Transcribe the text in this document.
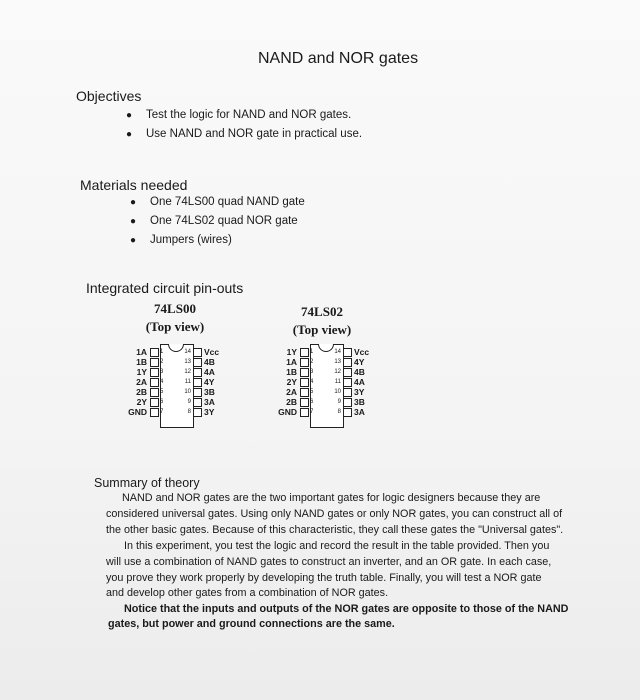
NAND and NOR gates
Objectives
● Test the logic for NAND and NOR gates.
● Use NAND and NOR gate in practical use.
Materials needed
● One 74LS00 quad NAND gate
● One 74LS02 quad NOR gate
● Jumpers (wires)
Integrated circuit pin-outs
74LS00
(Top view)
1A
1B
1Y
2A
2B
2Y
GND
1
2
3
4
5
6
7
14
13
12
11
10
9
8
Vcc
4B
4A
4Y
3B
3A
3Y
74LS02
(Top view)
1Y
1A
1B
2Y
2A
2B
GND
1
2
3
4
5
6
7
14
13
12
11
10
9
8
Vcc
4Y
4B
4A
3Y
3B
3A
Summary of theory
NAND and NOR gates are the two important gates for logic designers because they are
considered universal gates. Using only NAND gates or only NOR gates, you can construct all of
the other basic gates. Because of this characteristic, they call these gates the "Universal gates".
In this experiment, you test the logic and record the result in the table provided. Then you
will use a combination of NAND gates to construct an inverter, and an OR gate. In each case,
you prove they work properly by developing the truth table. Finally, you will test a NOR gate
and develop other gates from a combination of NOR gates.
Notice that the inputs and outputs of the NOR gates are opposite to those of the NAND
gates, but power and ground connections are the same.
